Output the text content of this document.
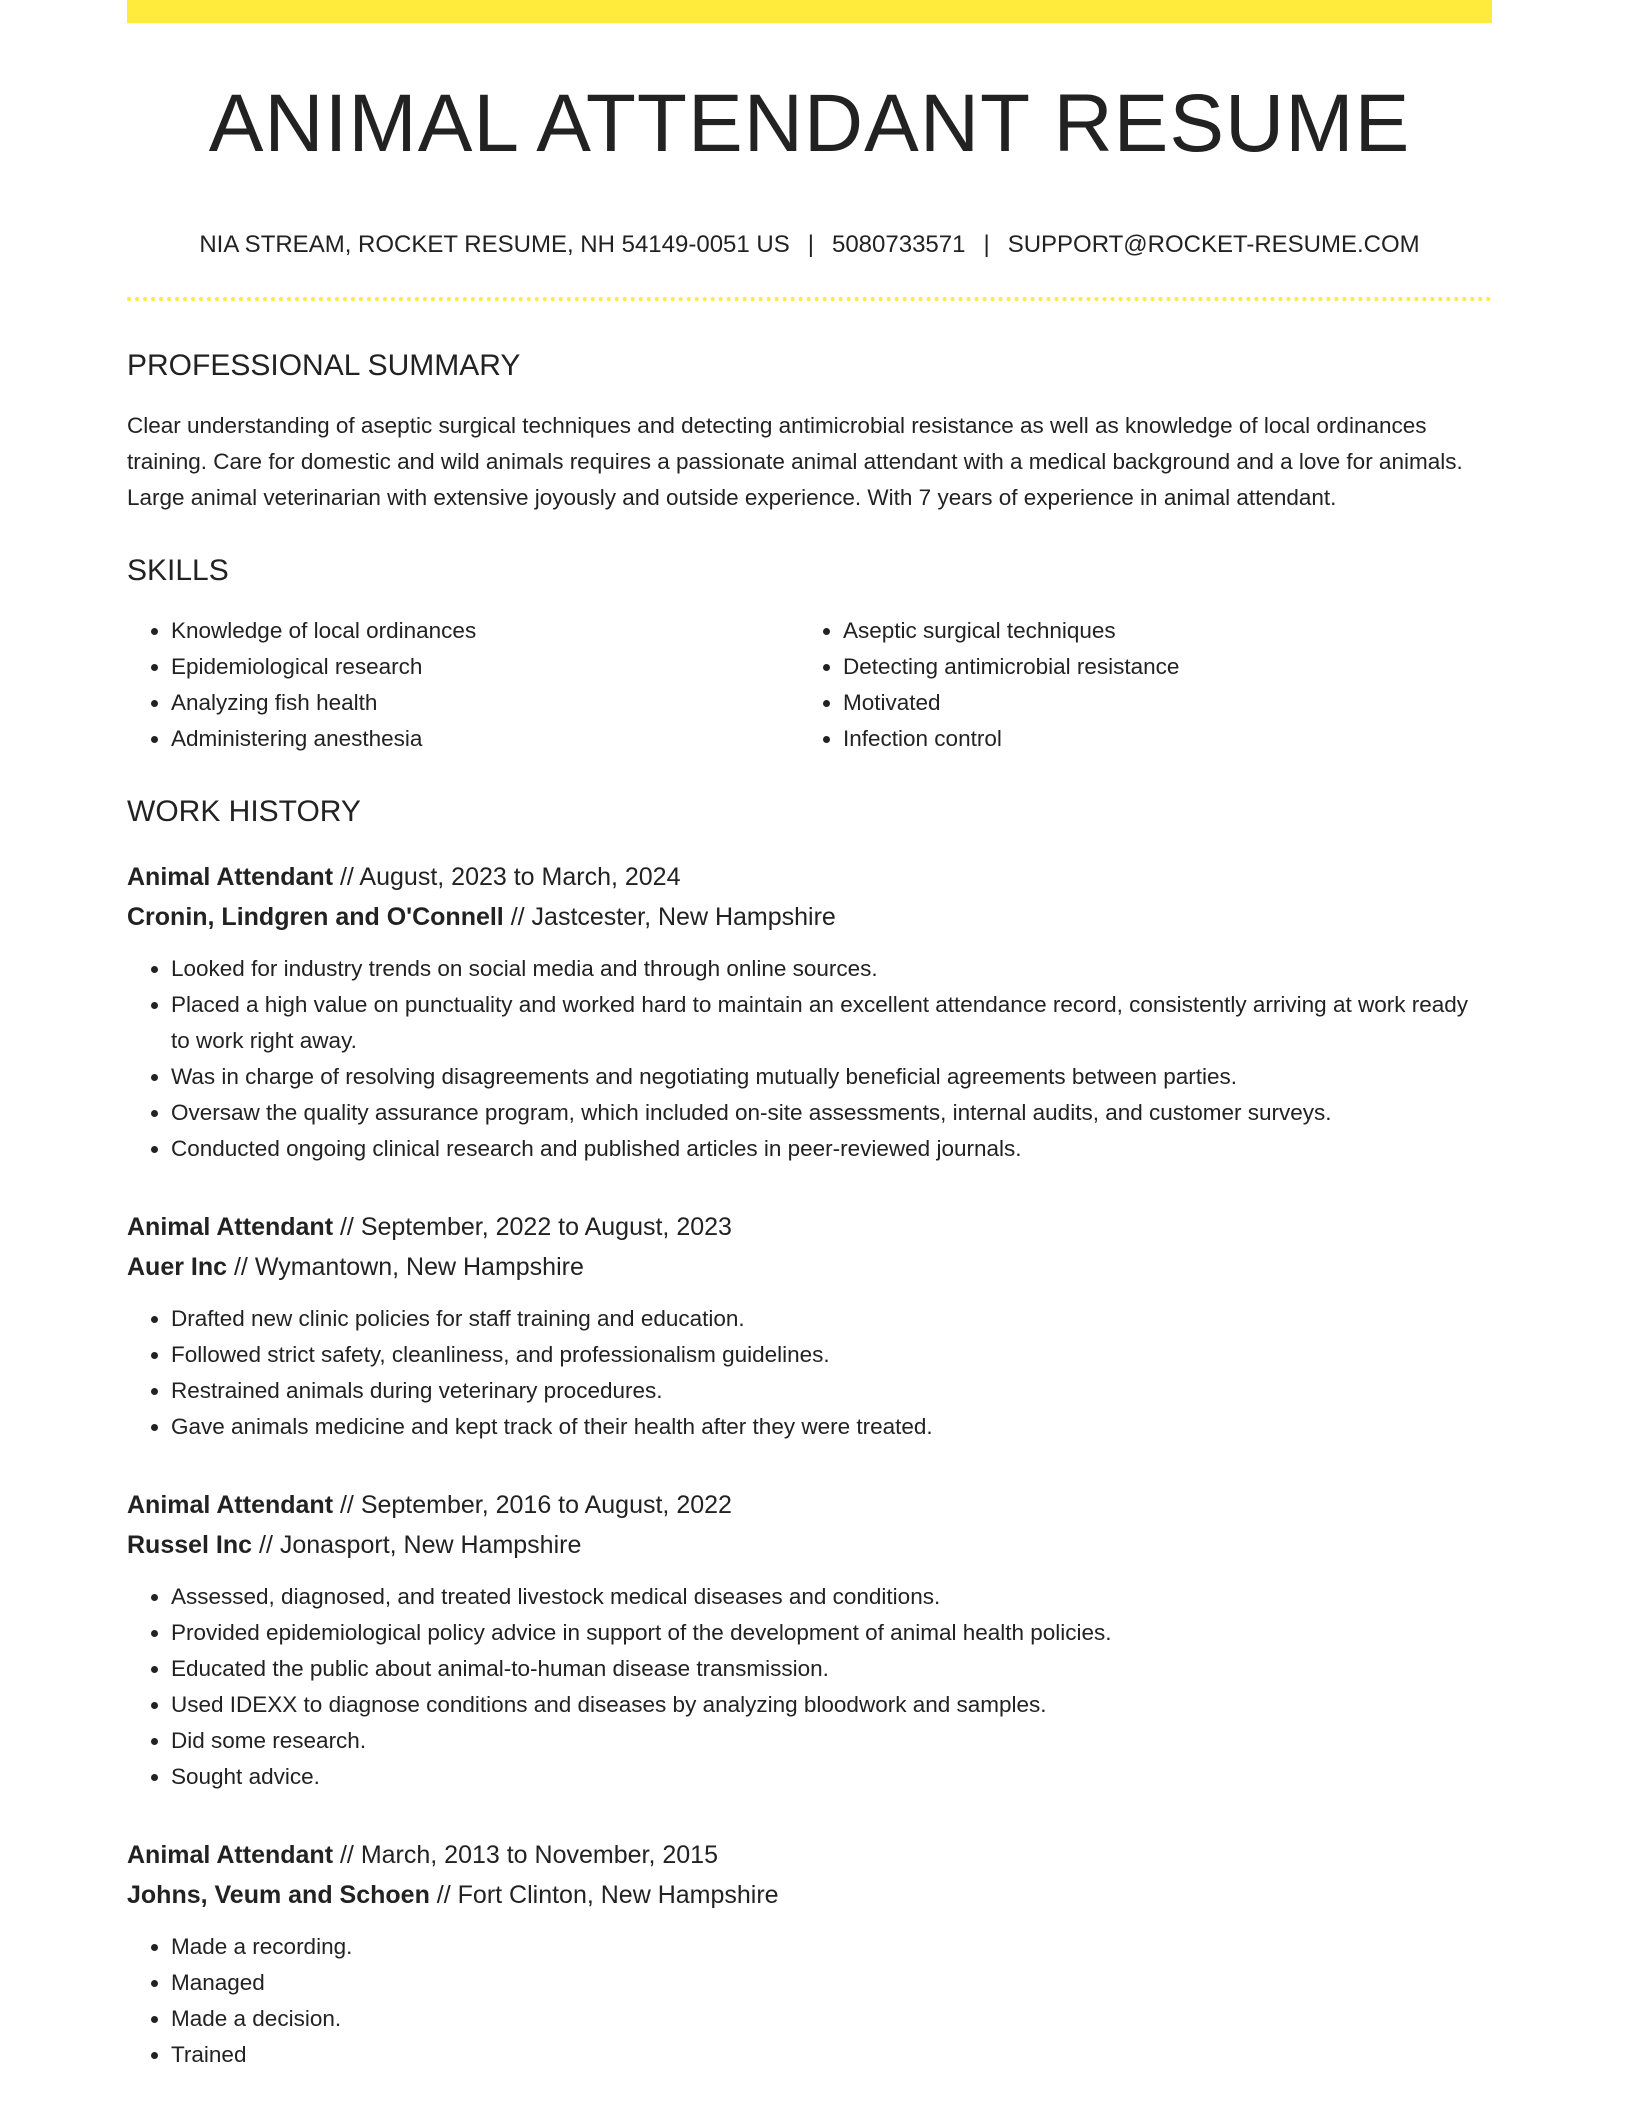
ANIMAL ATTENDANT RESUME
NIA STREAM, ROCKET RESUME, NH 54149-0051 US | 5080733571 | SUPPORT@ROCKET-RESUME.COM
PROFESSIONAL SUMMARY

Clear understanding of aseptic surgical techniques and detecting antimicrobial resistance as well as knowledge of local ordinances training. Care for domestic and wild animals requires a passionate animal attendant with a medical background and a love for animals. Large animal veterinarian with extensive joyously and outside experience. With 7 years of experience in animal attendant.

SKILLS
• Knowledge of local ordinances
• Epidemiological research
• Analyzing fish health
• Administering anesthesia
• Aseptic surgical techniques
• Detecting antimicrobial resistance
• Motivated
• Infection control
WORK HISTORY
Animal Attendant // August, 2023 to March, 2024
Cronin, Lindgren and O'Connell // Jastcester, New Hampshire
• Looked for industry trends on social media and through online sources.
• Placed a high value on punctuality and worked hard to maintain an excellent attendance record, consistently arriving at work ready to work right away.
• Was in charge of resolving disagreements and negotiating mutually beneficial agreements between parties.
• Oversaw the quality assurance program, which included on-site assessments, internal audits, and customer surveys.
• Conducted ongoing clinical research and published articles in peer-reviewed journals.
Animal Attendant // September, 2022 to August, 2023
Auer Inc // Wymantown, New Hampshire
• Drafted new clinic policies for staff training and education.
• Followed strict safety, cleanliness, and professionalism guidelines.
• Restrained animals during veterinary procedures.
• Gave animals medicine and kept track of their health after they were treated.
Animal Attendant // September, 2016 to August, 2022
Russel Inc // Jonasport, New Hampshire
• Assessed, diagnosed, and treated livestock medical diseases and conditions.
• Provided epidemiological policy advice in support of the development of animal health policies.
• Educated the public about animal-to-human disease transmission.
• Used IDEXX to diagnose conditions and diseases by analyzing bloodwork and samples.
• Did some research.
• Sought advice.
Animal Attendant // March, 2013 to November, 2015
Johns, Veum and Schoen // Fort Clinton, New Hampshire
• Made a recording.
• Managed
• Made a decision.
• Trained
